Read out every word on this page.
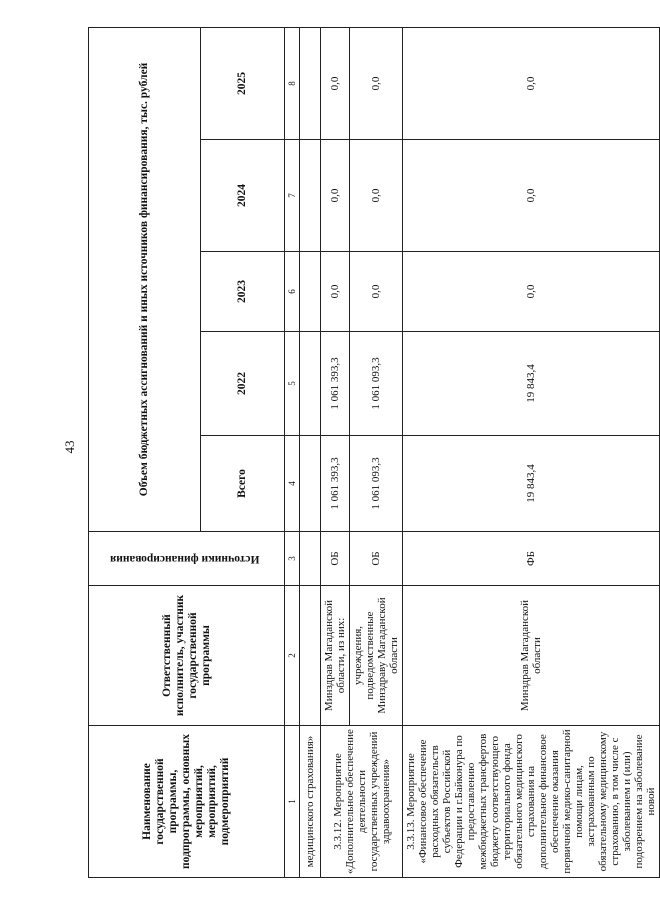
43
Наименование государственной программы, подпрограммы, основных мероприятий, мероприятий, подмероприятий	Ответственный исполнитель, участник государственной программы	Источники финансирования	Объем бюджетных ассигнований и иных источников финансирования, тыс. рублей				
			Всего	2022	2023	2024	2025
1	2	3	4	5	6	7	8
медицинского страхования»							
3.3.12. Мероприятие «Дополнительное обеспечение деятельности государственных учреждений здравоохранения»	Минздрав Магаданской области, из них:	ОБ	1 061 393,3	1 061 393,3	0,0	0,0	0,0
	учреждения, подведомственные Минздраву Магаданской области	ОБ	1 061 093,3	1 061 093,3	0,0	0,0	0,0
3.3.13. Мероприятие «Финансовое обеспечение расходных обязательств субъектов Российской Федерации и г.Байконура по предоставлению межбюджетных трансфертов бюджету соответствующего территориального фонда обязательного медицинского страхования на дополнительное финансовое обеспечение оказания первичной медико-санитарной помощи лицам, застрахованным по обязательному медицинскому страхованию, в том числе с заболеванием и (или) подозрением на заболевание новой	Минздрав Магаданской области	ФБ	19 843,4	19 843,4	0,0	0,0	0,0
